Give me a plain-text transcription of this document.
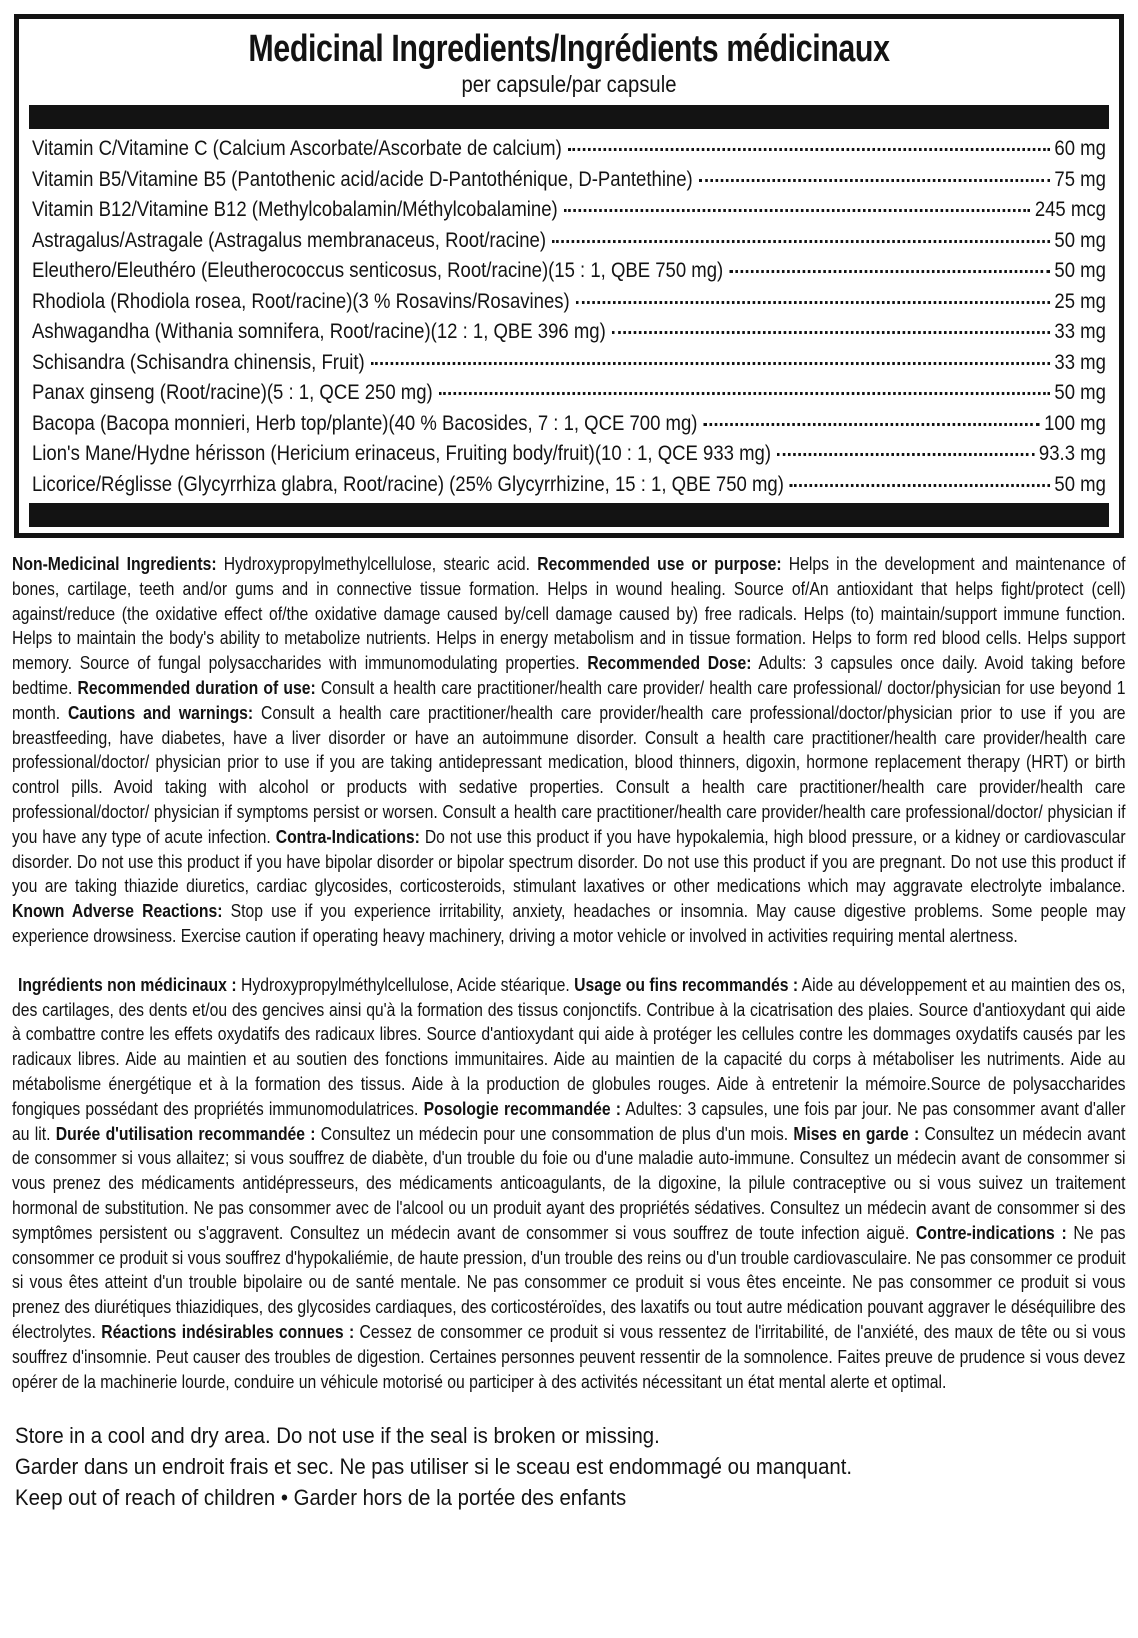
Medicinal Ingredients/Ingrédients médicinaux
per capsule/par capsule
Vitamin C/Vitamine C (Calcium Ascorbate/Ascorbate de calcium)	60 mg
Vitamin B5/Vitamine B5 (Pantothenic acid/acide D-Pantothénique, D-Pantethine)	75 mg
Vitamin B12/Vitamine B12 (Methylcobalamin/Méthylcobalamine)	245 mcg
Astragalus/Astragale (Astragalus membranaceus, Root/racine)	50 mg
Eleuthero/Eleuthéro (Eleutherococcus senticosus, Root/racine)(15 : 1, QBE 750 mg)	50 mg
Rhodiola (Rhodiola rosea, Root/racine)(3 % Rosavins/Rosavines)	25 mg
Ashwagandha (Withania somnifera, Root/racine)(12 : 1, QBE 396 mg)	33 mg
Schisandra (Schisandra chinensis, Fruit)	33 mg
Panax ginseng (Root/racine)(5 : 1, QCE 250 mg)	50 mg
Bacopa (Bacopa monnieri, Herb top/plante)(40 % Bacosides, 7 : 1, QCE 700 mg)	100 mg
Lion's Mane/Hydne hérisson (Hericium erinaceus, Fruiting body/fruit)(10 : 1, QCE 933 mg)	93.3 mg
Licorice/Réglisse (Glycyrrhiza glabra, Root/racine) (25% Glycyrrhizine, 15 : 1, QBE 750 mg)	50 mg
Non-Medicinal Ingredients: Hydroxypropylmethylcellulose, stearic acid. Recommended use or purpose: Helps in the development and maintenance of bones, cartilage, teeth and/or gums and in connective tissue formation. Helps in wound healing. Source of/An antioxidant that helps fight/protect (cell) against/reduce (the oxidative effect of/the oxidative damage caused by/cell damage caused by) free radicals. Helps (to) maintain/support immune function. Helps to maintain the body's ability to metabolize nutrients. Helps in energy metabolism and in tissue formation. Helps to form red blood cells. Helps support memory. Source of fungal polysaccharides with immunomodulating properties. Recommended Dose: Adults: 3 capsules once daily. Avoid taking before bedtime. Recommended duration of use: Consult a health care practitioner/health care provider/ health care professional/ doctor/physician for use beyond 1 month. Cautions and warnings: Consult a health care practitioner/health care provider/health care professional/doctor/physician prior to use if you are breastfeeding, have diabetes, have a liver disorder or have an autoimmune disorder. Consult a health care practitioner/health care provider/health care professional/doctor/ physician prior to use if you are taking antidepressant medication, blood thinners, digoxin, hormone replacement therapy (HRT) or birth control pills. Avoid taking with alcohol or products with sedative properties. Consult a health care practitioner/health care provider/health care professional/doctor/ physician if symptoms persist or worsen. Consult a health care practitioner/health care provider/health care professional/doctor/ physician if you have any type of acute infection. Contra-Indications: Do not use this product if you have hypokalemia, high blood pressure, or a kidney or cardiovascular disorder. Do not use this product if you have bipolar disorder or bipolar spectrum disorder. Do not use this product if you are pregnant. Do not use this product if you are taking thiazide diuretics, cardiac glycosides, corticosteroids, stimulant laxatives or other medications which may aggravate electrolyte imbalance. Known Adverse Reactions: Stop use if you experience irritability, anxiety, headaches or insomnia. May cause digestive problems. Some people may experience drowsiness. Exercise caution if operating heavy machinery, driving a motor vehicle or involved in activities requiring mental alertness.
Ingrédients non médicinaux : Hydroxypropylméthylcellulose, Acide stéarique. Usage ou fins recommandés : Aide au développement et au maintien des os, des cartilages, des dents et/ou des gencives ainsi qu'à la formation des tissus conjonctifs. Contribue à la cicatrisation des plaies. Source d'antioxydant qui aide à combattre contre les effets oxydatifs des radicaux libres. Source d'antioxydant qui aide à protéger les cellules contre les dommages oxydatifs causés par les radicaux libres. Aide au maintien et au soutien des fonctions immunitaires. Aide au maintien de la capacité du corps à métaboliser les nutriments. Aide au métabolisme énergétique et à la formation des tissus. Aide à la production de globules rouges. Aide à entretenir la mémoire.Source de polysaccharides fongiques possédant des propriétés immunomodulatrices. Posologie recommandée : Adultes: 3 capsules, une fois par jour. Ne pas consommer avant d'aller au lit. Durée d'utilisation recommandée : Consultez un médecin pour une consommation de plus d'un mois. Mises en garde : Consultez un médecin avant de consommer si vous allaitez; si vous souffrez de diabète, d'un trouble du foie ou d'une maladie auto-immune. Consultez un médecin avant de consommer si vous prenez des médicaments antidépresseurs, des médicaments anticoagulants, de la digoxine, la pilule contraceptive ou si vous suivez un traitement hormonal de substitution. Ne pas consommer avec de l'alcool ou un produit ayant des propriétés sédatives. Consultez un médecin avant de consommer si des symptômes persistent ou s'aggravent. Consultez un médecin avant de consommer si vous souffrez de toute infection aiguë. Contre-indications : Ne pas consommer ce produit si vous souffrez d'hypokaliémie, de haute pression, d'un trouble des reins ou d'un trouble cardiovasculaire. Ne pas consommer ce produit si vous êtes atteint d'un trouble bipolaire ou de santé mentale. Ne pas consommer ce produit si vous êtes enceinte. Ne pas consommer ce produit si vous prenez des diurétiques thiazidiques, des glycosides cardiaques, des corticostéroïdes, des laxatifs ou tout autre médication pouvant aggraver le déséquilibre des électrolytes. Réactions indésirables connues : Cessez de consommer ce produit si vous ressentez de l'irritabilité, de l'anxiété, des maux de tête ou si vous souffrez d'insomnie. Peut causer des troubles de digestion. Certaines personnes peuvent ressentir de la somnolence. Faites preuve de prudence si vous devez opérer de la machinerie lourde, conduire un véhicule motorisé ou participer à des activités nécessitant un état mental alerte et optimal.
Store in a cool and dry area. Do not use if the seal is broken or missing.
Garder dans un endroit frais et sec. Ne pas utiliser si le sceau est endommagé ou manquant.
Keep out of reach of children • Garder hors de la portée des enfants
